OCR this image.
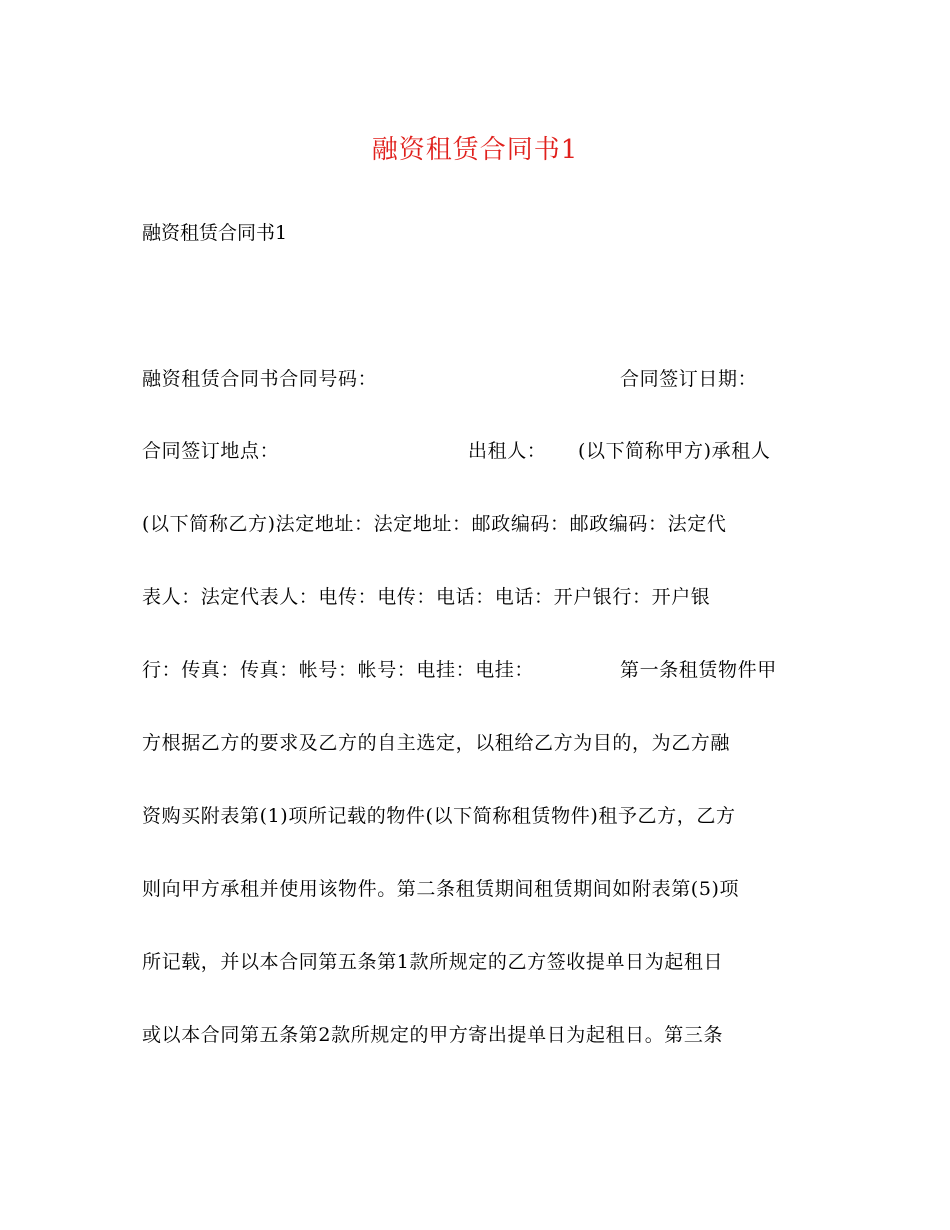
融资租赁合同书1
融资租赁合同书1
融资租赁合同书合同号码：	合同签订日期：
合同签订地点：	出租人： (以下简称甲方)承租人
(以下简称乙方)法定地址：法定地址：邮政编码：邮政编码：法定代
表人：法定代表人：电传：电传：电话：电话：开户银行：开户银
行：传真：传真：帐号：帐号：电挂：电挂：	第一条租赁物件甲
方根据乙方的要求及乙方的自主选定，以租给乙方为目的，为乙方融
资购买附表第(1)项所记载的物件(以下简称租赁物件)租予乙方，乙方
则向甲方承租并使用该物件。第二条租赁期间租赁期间如附表第(5)项
所记载，并以本合同第五条第1款所规定的乙方签收提单日为起租日
或以本合同第五条第2款所规定的甲方寄出提单日为起租日。第三条
